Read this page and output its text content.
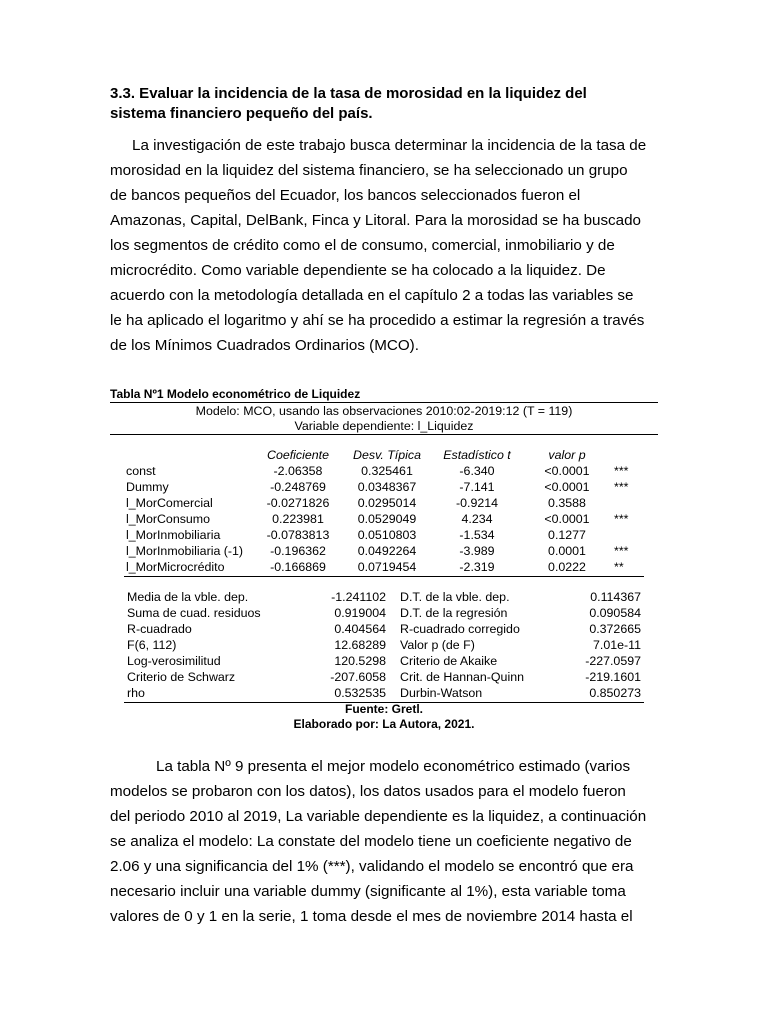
3.3. Evaluar la incidencia de la tasa de morosidad en la liquidez del
sistema financiero pequeño del país.

La investigación de este trabajo busca determinar la incidencia de la tasa de
morosidad en la liquidez del sistema financiero, se ha seleccionado un grupo
de bancos pequeños del Ecuador, los bancos seleccionados fueron el
Amazonas, Capital, DelBank, Finca y Litoral. Para la morosidad se ha buscado
los segmentos de crédito como el de consumo, comercial, inmobiliario y de
microcrédito. Como variable dependiente se ha colocado a la liquidez. De
acuerdo con la metodología detallada en el capítulo 2 a todas las variables se
le ha aplicado el logaritmo y ahí se ha procedido a estimar la regresión a través
de los Mínimos Cuadrados Ordinarios (MCO).

Tabla Nº1 Modelo econométrico de Liquidez

Modelo: MCO, usando las observaciones 2010:02-2019:12 (T = 119)
Variable dependiente: l_Liquidez
Coeficiente	Desv. Típica	Estadístico t	valor p
const	-2.06358	0.325461	-6.340	<0.0001	***
Dummy	-0.248769	0.0348367	-7.141	<0.0001	***
l_MorComercial	-0.0271826	0.0295014	-0.9214	0.3588
l_MorConsumo	0.223981	0.0529049	4.234	<0.0001	***
l_MorInmobiliaria	-0.0783813	0.0510803	-1.534	0.1277
l_MorInmobiliaria (-1)	-0.196362	0.0492264	-3.989	0.0001	***
l_MorMicrocrédito	-0.166869	0.0719454	-2.319	0.0222	**
Media de la vble. dep.	-1.241102 D.T. de la vble. dep.	0.114367
Suma de cuad. residuos	0.919004 D.T. de la regresión	0.090584
R-cuadrado	0.404564 R-cuadrado corregido	0.372665
F(6, 112)	12.68289 Valor p (de F)	7.01e-11
Log-verosimilitud	120.5298 Criterio de Akaike	-227.0597
Criterio de Schwarz	-207.6058 Crit. de Hannan-Quinn	-219.1601
rho	0.532535 Durbin-Watson	0.850273
Fuente: Gretl.
Elaborado por: La Autora, 2021.

La tabla Nº 9 presenta el mejor modelo econométrico estimado (varios
modelos se probaron con los datos), los datos usados para el modelo fueron
del periodo 2010 al 2019, La variable dependiente es la liquidez, a continuación
se analiza el modelo: La constate del modelo tiene un coeficiente negativo de
2.06 y una significancia del 1% (***), validando el modelo se encontró que era
necesario incluir una variable dummy (significante al 1%), esta variable toma
valores de 0 y 1 en la serie, 1 toma desde el mes de noviembre 2014 hasta el
